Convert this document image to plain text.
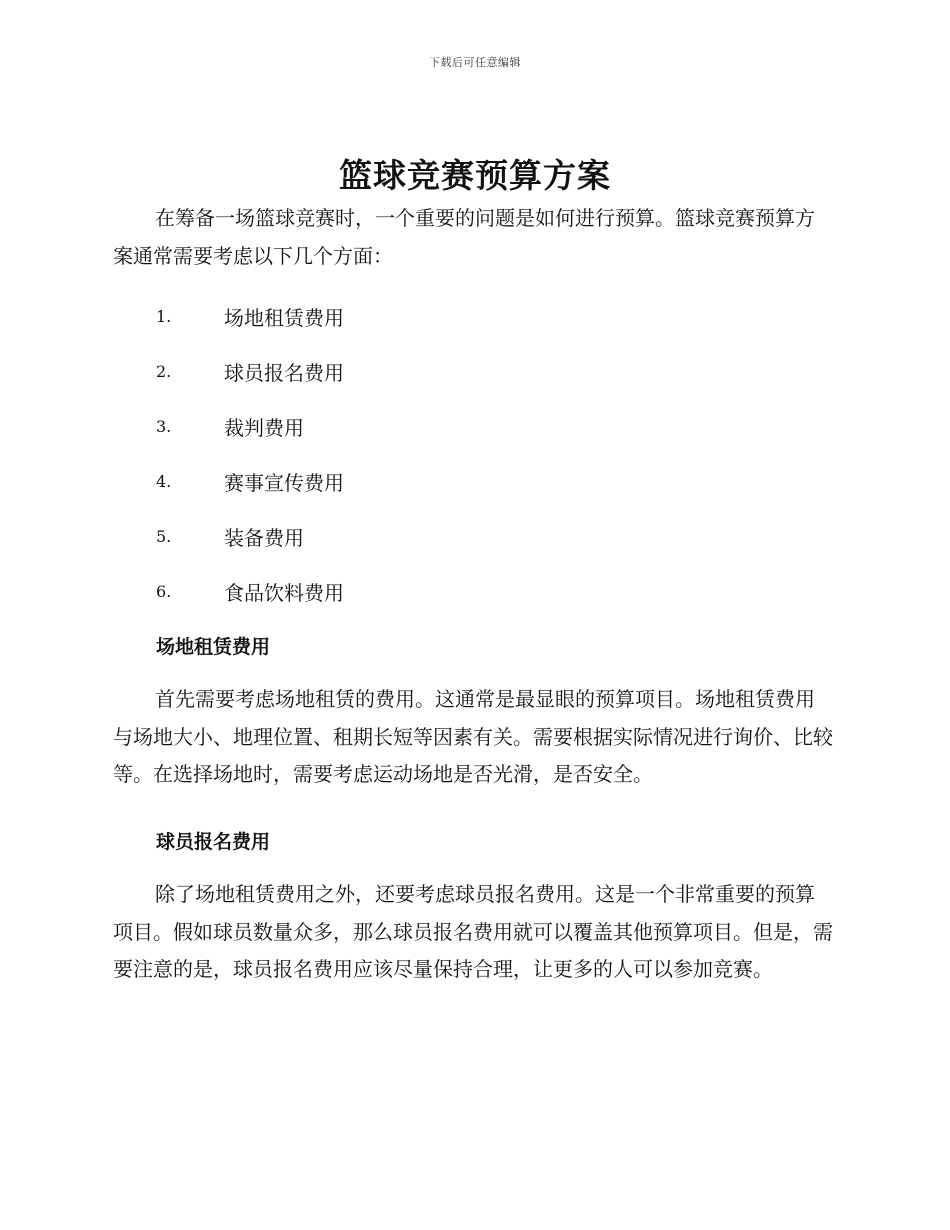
下载后可任意编辑
篮球竞赛预算方案

在筹备一场篮球竞赛时，一个重要的问题是如何进行预算。篮球竞赛预算方案通常需要考虑以下几个方面：

1.	场地租赁费用
2.	球员报名费用
3.	裁判费用
4.	赛事宣传费用
5.	装备费用
6.	食品饮料费用
场地租赁费用

首先需要考虑场地租赁的费用。这通常是最显眼的预算项目。场地租赁费用与场地大小、地理位置、租期长短等因素有关。需要根据实际情况进行询价、比较等。在选择场地时，需要考虑运动场地是否光滑，是否安全。

球员报名费用

除了场地租赁费用之外，还要考虑球员报名费用。这是一个非常重要的预算项目。假如球员数量众多，那么球员报名费用就可以覆盖其他预算项目。但是，需要注意的是，球员报名费用应该尽量保持合理，让更多的人可以参加竞赛。
